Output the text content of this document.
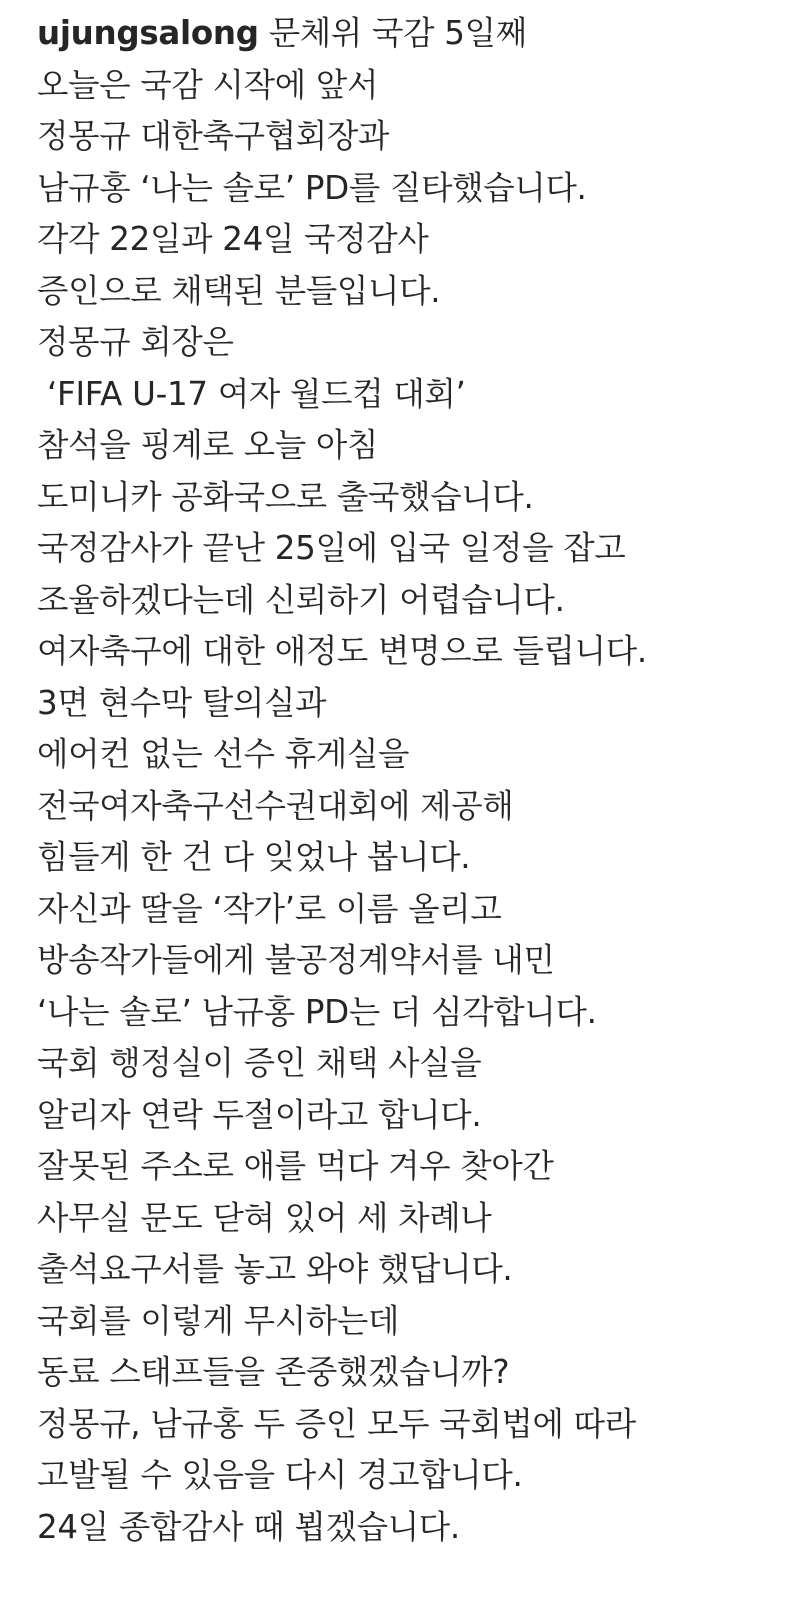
ujungsalong 문체위 국감 5일째
오늘은 국감 시작에 앞서
정몽규 대한축구협회장과
남규홍 ‘나는 솔로’ PD를 질타했습니다.
각각 22일과 24일 국정감사
증인으로 채택된 분들입니다.
정몽규 회장은
‘FIFA U-17 여자 월드컵 대회’
참석을 핑계로 오늘 아침
도미니카 공화국으로 출국했습니다.
국정감사가 끝난 25일에 입국 일정을 잡고
조율하겠다는데 신뢰하기 어렵습니다.
여자축구에 대한 애정도 변명으로 들립니다.
3면 현수막 탈의실과
에어컨 없는 선수 휴게실을
전국여자축구선수권대회에 제공해
힘들게 한 건 다 잊었나 봅니다.
자신과 딸을 ‘작가’로 이름 올리고
방송작가들에게 불공정계약서를 내민
‘나는 솔로’ 남규홍 PD는 더 심각합니다.
국회 행정실이 증인 채택 사실을
알리자 연락 두절이라고 합니다.
잘못된 주소로 애를 먹다 겨우 찾아간
사무실 문도 닫혀 있어 세 차례나
출석요구서를 놓고 와야 했답니다.
국회를 이렇게 무시하는데
동료 스태프들을 존중했겠습니까?
정몽규, 남규홍 두 증인 모두 국회법에 따라
고발될 수 있음을 다시 경고합니다.
24일 종합감사 때 뵙겠습니다.
